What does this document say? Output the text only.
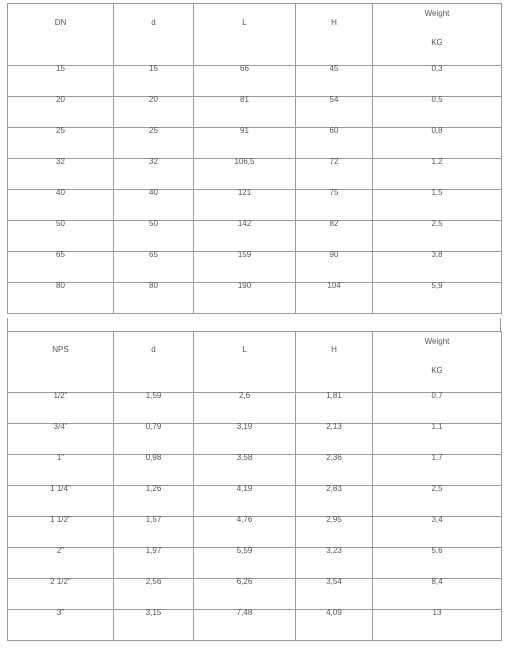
DN	d	L	H	Weight
KG

15	15	66	45	0,3

20	20	81	54	0,5

25	25	91	60	0,8

32	32	106,5	72	1,2

40	40	121	75	1,5

50	50	142	82	2,5

65	65	159	90	3,8

80	80	190	104	5,9
NPS	d	L	H	Weight
KG

1/2"	1,59	2,6	1,81	0,7

3/4"	0,79	3,19	2,13	1,1

1"	0,98	3,58	2,36	1,7

1 1/4"	1,26	4,19	2,83	2,5

1 1/2"	1,57	4,76	2,95	3,4

2"	1,97	5,59	3,23	5,6

2 1/2"	2,56	6,26	3,54	8,4

3"	3,15	7,48	4,09	13
